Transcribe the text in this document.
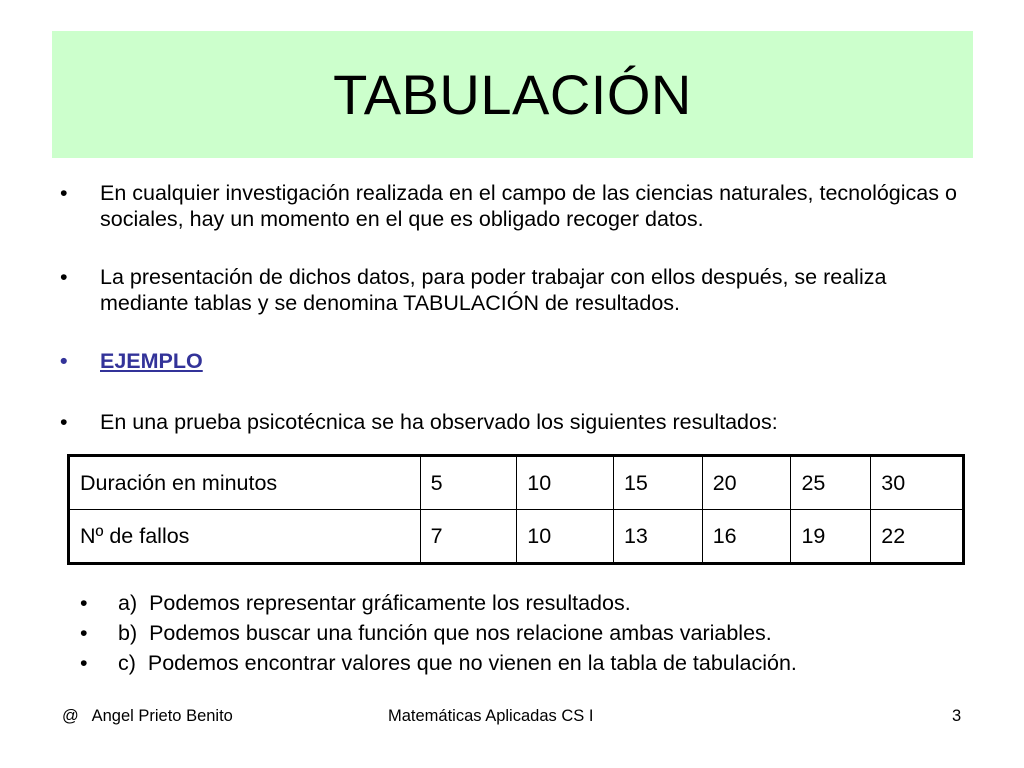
TABULACIÓN
• En cualquier investigación realizada en el campo de las ciencias naturales, tecnológicas o sociales, hay un momento en el que es obligado recoger datos.
• La presentación de dichos datos, para poder trabajar con ellos después, se realiza mediante tablas y se denomina TABULACIÓN de resultados.
• EJEMPLO
• En una prueba psicotécnica se ha observado los siguientes resultados:
Duración en minutos	5	10	15	20	25	30
Nº de fallos	7	10	13	16	19	22
• a) Podemos representar gráficamente los resultados.
• b) Podemos buscar una función que nos relacione ambas variables.
• c) Podemos encontrar valores que no vienen en la tabla de tabulación.
@   Angel Prieto Benito	Matemáticas Aplicadas CS I	3
